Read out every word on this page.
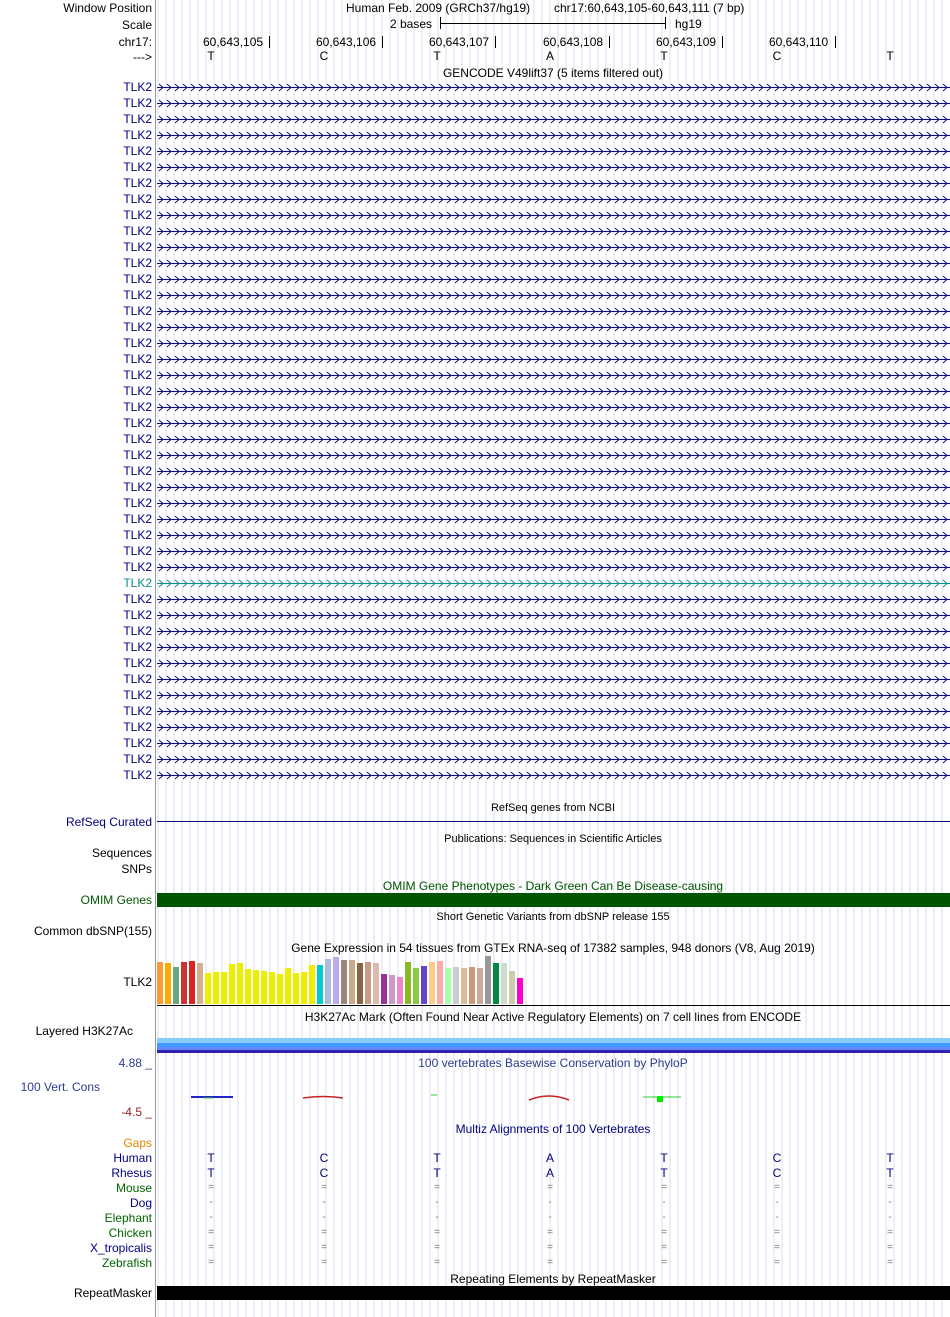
Window Position
Scale
chr17:
--->
Human Feb. 2009 (GRCh37/hg19) chr17:60,643,105-60,643,111 (7 bp)
2 bases	hg19
60,643,105	60,643,106	60,643,107	60,643,108	60,643,109	60,643,110
T	C	T	A	T	C	T
GENCODE V49lift37 (5 items filtered out)
TLK2
TLK2
TLK2
TLK2
TLK2
TLK2
TLK2
TLK2
TLK2
TLK2
TLK2
TLK2
TLK2
TLK2
TLK2
TLK2
TLK2
TLK2
TLK2
TLK2
TLK2
TLK2
TLK2
TLK2
TLK2
TLK2
TLK2
TLK2
TLK2
TLK2
TLK2
TLK2
TLK2
TLK2
TLK2
TLK2
TLK2
TLK2
TLK2
TLK2
TLK2
TLK2
TLK2
TLK2
RefSeq genes from NCBI
RefSeq Curated
Publications: Sequences in Scientific Articles
Sequences
SNPs
OMIM Gene Phenotypes - Dark Green Can Be Disease-causing
OMIM Genes
Short Genetic Variants from dbSNP release 155
Common dbSNP(155)
Gene Expression in 54 tissues from GTEx RNA-seq of 17382 samples, 948 donors (V8, Aug 2019)
TLK2
H3K27Ac Mark (Often Found Near Active Regulatory Elements) on 7 cell lines from ENCODE
Layered H3K27Ac
100 vertebrates Basewise Conservation by PhyloP
4.88 _
100 Vert. Cons
-4.5 _
Multiz Alignments of 100 Vertebrates
Gaps
Human	T	C	T	A	T	C	T
Rhesus	T	C	T	A	T	C	T
Mouse	=	=	=	=	=	=	=
Dog	-	-	-	-	-	-	-
Elephant	-	-	-	-	-	-	-
Chicken	=	=	=	=	=	=	=
X_tropicalis	=	=	=	=	=	=	=
Zebrafish	=	=	=	=	=	=	=
Repeating Elements by RepeatMasker
RepeatMasker
